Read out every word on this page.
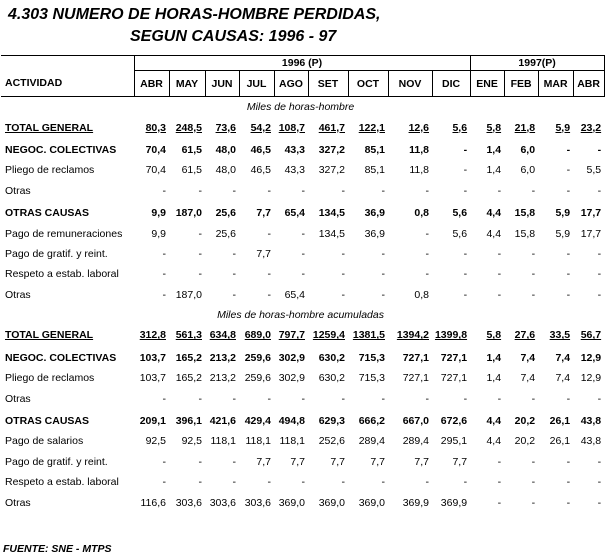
4.303 NUMERO DE HORAS-HOMBRE PERDIDAS,
SEGUN CAUSAS: 1996 - 97
	1996 (P)									1997(P)			
ACTIVIDAD	ABR	MAY	JUN	JUL	AGO	SET	OCT	NOV	DIC	ENE	FEB	MAR	ABR
	Miles de horas-hombre												
TOTAL GENERAL	80,3	248,5	73,6	54,2	108,7	461,7	122,1	12,6	5,6	5,8	21,8	5,9	23,2

NEGOC. COLECTIVAS	70,4	61,5	48,0	46,5	43,3	327,2	85,1	11,8	-	1,4	6,0	-	-
Pliego de reclamos	70,4	61,5	48,0	46,5	43,3	327,2	85,1	11,8	-	1,4	6,0	-	5,5
Otras	-	-	-	-	-	-	-	-	-	-	-	-	-

OTRAS CAUSAS	9,9	187,0	25,6	7,7	65,4	134,5	36,9	0,8	5,6	4,4	15,8	5,9	17,7
Pago de remuneraciones	9,9	-	25,6	-	-	134,5	36,9	-	5,6	4,4	15,8	5,9	17,7
Pago de gratif. y reint.	-	-	-	7,7	-	-	-	-	-	-	-	-	-
Respeto a estab. laboral	-	-	-	-	-	-	-	-	-	-	-	-	-
Otras	-	187,0	-	-	65,4	-	-	0,8	-	-	-	-	-
	Miles de horas-hombre acumuladas												
TOTAL GENERAL	312,8	561,3	634,8	689,0	797,7	1259,4	1381,5	1394,2	1399,8	5,8	27,6	33,5	56,7

NEGOC. COLECTIVAS	103,7	165,2	213,2	259,6	302,9	630,2	715,3	727,1	727,1	1,4	7,4	7,4	12,9
Pliego de reclamos	103,7	165,2	213,2	259,6	302,9	630,2	715,3	727,1	727,1	1,4	7,4	7,4	12,9
Otras	-	-	-	-	-	-	-	-	-	-	-	-	-

OTRAS CAUSAS	209,1	396,1	421,6	429,4	494,8	629,3	666,2	667,0	672,6	4,4	20,2	26,1	43,8
Pago de salarios	92,5	92,5	118,1	118,1	118,1	252,6	289,4	289,4	295,1	4,4	20,2	26,1	43,8
Pago de gratif. y reint.	-	-	-	7,7	7,7	7,7	7,7	7,7	7,7	-	-	-	-
Respeto a estab. laboral	-	-	-	-	-	-	-	-	-	-	-	-	-
Otras	116,6	303,6	303,6	303,6	369,0	369,0	369,0	369,9	369,9	-	-	-	-
FUENTE: SNE - MTPS
